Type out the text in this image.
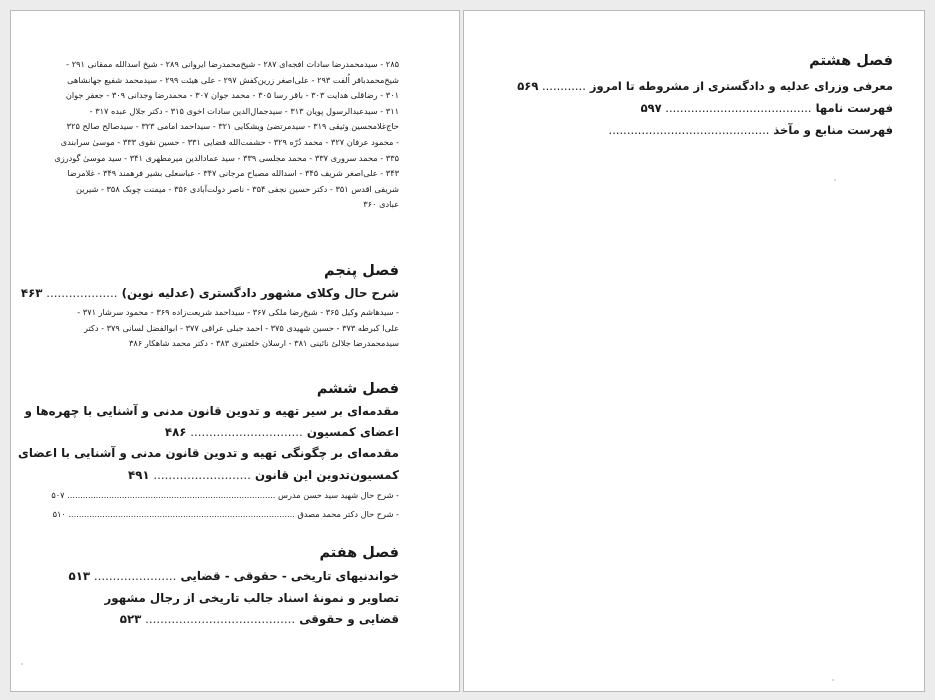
۲۸۵ - سیدمحمدرضا سادات افجه‌ای ۲۸۷ - شیخ‌محمدرضا ایروانی ۲۸۹ - شیخ اسدالله ممقانی ۲۹۱ -
شیخ‌محمدباقر اُلفت ۲۹۳ - علی‌اصغر زرین‌کفش ۲۹۷ - علی هیئت ۲۹۹ - سیدمحمد شفیع جهانشاهی
۳۰۱ - رضاقلی هدایت ۳۰۳ - باقر رسا ۳۰۵ - محمد جوان ۳۰۷ - محمدرضا وجدانی ۳۰۹ - جعفر جوان
۳۱۱ - سیدعبدالرسول پویان ۳۱۳ - سیدجمال‌الدین سادات اخوی ۳۱۵ - دکتر جلال عبده ۳۱۷ -
حاج‌غلامحسین وثیقی ۳۱۹ - سیدمرتضیٰ ویشکایی ۳۲۱ - سیداحمد امامی ۳۲۳ - سیدصالح صالح ۳۲۵
- محمود عرفان ۳۲۷ - محمد دُرّه ۳۲۹ - حشمت‌الله قضایی ۳۳۱ - حسین نقوی ۳۳۳ - موسیٰ سرابندی
۳۳۵ - محمد سروری ۳۳۷ - محمد مجلسی ۳۳۹ - سید عمادالدین میرمطهری ۳۴۱ - سید موسیٰ گودرزی
۳۴۳ - علی‌اصغر شریف ۳۴۵ - اسدالله مصباح مرجانی ۳۴۷ - عباسعلی بشیر فرهمند ۳۴۹ - غلامرضا
شریفی اقدس ۳۵۱ - دکتر حسین نجفی ۳۵۴ - ناصر دولت‌آبادی ۳۵۶ - میمنت چوبک ۳۵۸ - شیرین
عبادی ۳۶۰
فصل پنجم
شرح حال وکلای مشهور دادگستری (عدلیه نوین) ................... ۴۶۳
- سیدهاشم وکیل ۳۶۵ - شیخ‌رضا ملکی ۳۶۷ - سیداحمد شریعت‌زاده ۳۶۹ - محمود سرشار ۳۷۱ -
علی‌ا کبرطه ۳۷۳ - حسین شهیدی ۳۷۵ - احمد جبلی عراقی ۳۷۷ - ابوالفضل لسانی ۳۷۹ - دکتر
سیدمحمدرضا جلالیٔ نائینی ۳۸۱ - ارسلان خلعتبری ۳۸۳ - دکتر محمد شاهکار ۳۸۶
فصل ششم
مقدمه‌ای بر سیر تهیه و تدوین قانون مدنی و آشنایی با چهره‌ها و
اعضای کمسیون .............................. ۴۸۶
مقدمه‌ای بر چگونگی تهیه و تدوین قانون مدنی و آشنایی با اعضای
کمسیون‌تدوین این قانون .......................... ۴۹۱
- شرح حال شهید سید حسن مدرس ................................................................................ ۵۰۷
- شرح حال دکتر محمد مصدق ....................................................................................... ۵۱۰
فصل هفتم
خواندنیهای تاریخی - حقوقی - قضایی ...................... ۵۱۳
تصاویر و نمونهٔ اسناد جالب تاریخی از رجال مشهور
قضایی و حقوقی ........................................ ۵۲۳
فصل هشتم
معرفی وزرای عدلیه و دادگستری از مشروطه تا امروز ............ ۵۶۹
فهرست نامها ........................................ ۵۹۷
فهرست منابع و مآخذ ............................................
